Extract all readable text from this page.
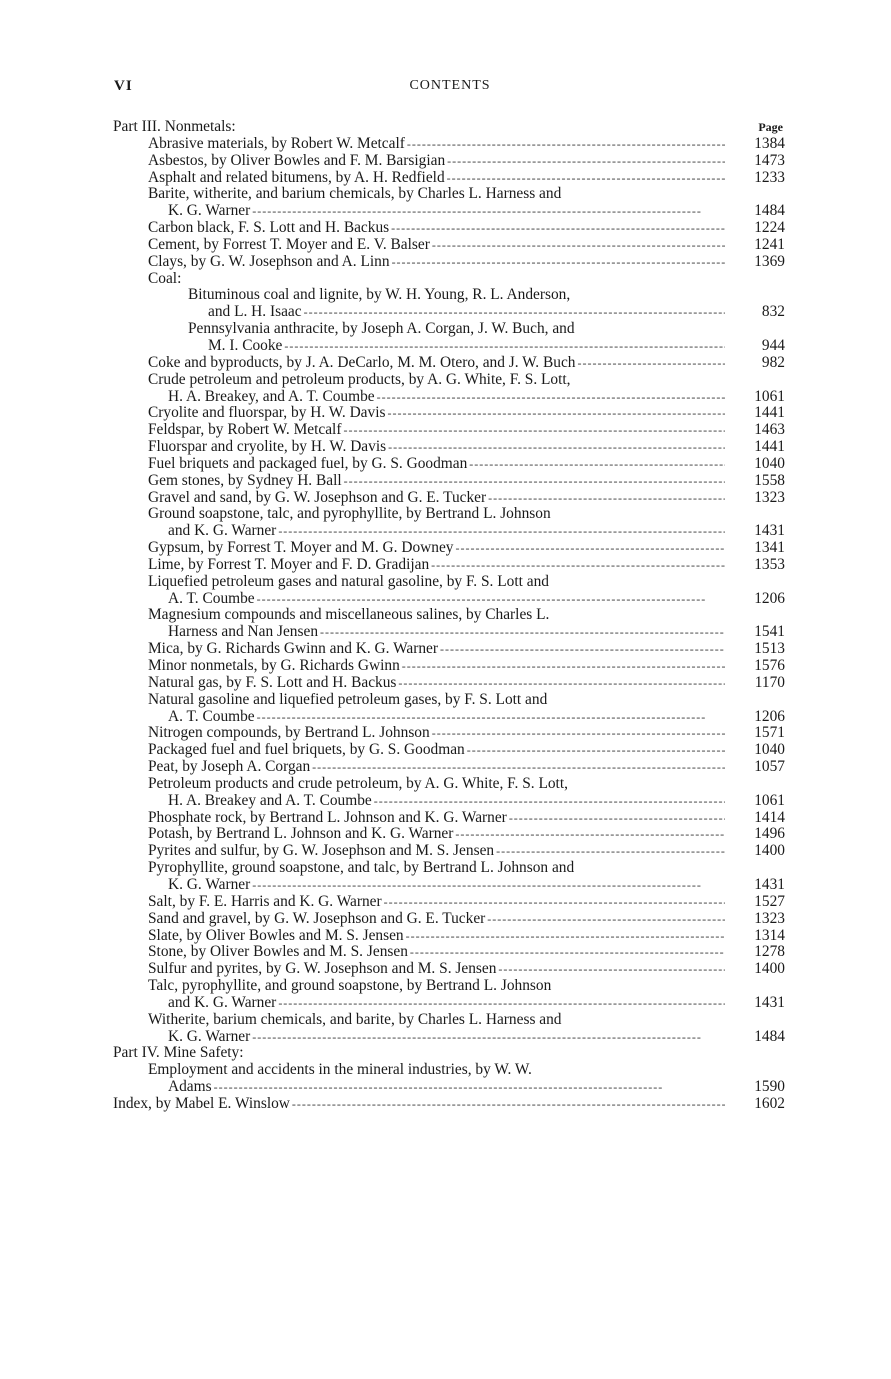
VI	CONTENTS
Part III. Nonmetals:	Page
Abrasive materials, by Robert W. Metcalf - - -	1384
Asbestos, by Oliver Bowles and F. M. Barsigian - - -	1473
Asphalt and related bitumens, by A. H. Redfield - - -	1233
Barite, witherite, and barium chemicals, by Charles L. Harness and
K. G. Warner - - -	1484
Carbon black, F. S. Lott and H. Backus - - -	1224
Cement, by Forrest T. Moyer and E. V. Balser - - -	1241
Clays, by G. W. Josephson and A. Linn - - -	1369
Coal:
Bituminous coal and lignite, by W. H. Young, R. L. Anderson,
and L. H. Isaac - - -	832
Pennsylvania anthracite, by Joseph A. Corgan, J. W. Buch, and
M. I. Cooke - - -	944
Coke and byproducts, by J. A. DeCarlo, M. M. Otero, and J. W. Buch - - -	982
Crude petroleum and petroleum products, by A. G. White, F. S. Lott,
H. A. Breakey, and A. T. Coumbe - - -	1061
Cryolite and fluorspar, by H. W. Davis - - -	1441
Feldspar, by Robert W. Metcalf - - -	1463
Fluorspar and cryolite, by H. W. Davis - - -	1441
Fuel briquets and packaged fuel, by G. S. Goodman - - -	1040
Gem stones, by Sydney H. Ball - - -	1558
Gravel and sand, by G. W. Josephson and G. E. Tucker - - -	1323
Ground soapstone, talc, and pyrophyllite, by Bertrand L. Johnson
and K. G. Warner - - -	1431
Gypsum, by Forrest T. Moyer and M. G. Downey - - -	1341
Lime, by Forrest T. Moyer and F. D. Gradijan - - -	1353
Liquefied petroleum gases and natural gasoline, by F. S. Lott and
A. T. Coumbe - - -	1206
Magnesium compounds and miscellaneous salines, by Charles L.
Harness and Nan Jensen - - -	1541
Mica, by G. Richards Gwinn and K. G. Warner - - -	1513
Minor nonmetals, by G. Richards Gwinn - - -	1576
Natural gas, by F. S. Lott and H. Backus - - -	1170
Natural gasoline and liquefied petroleum gases, by F. S. Lott and
A. T. Coumbe - - -	1206
Nitrogen compounds, by Bertrand L. Johnson - - -	1571
Packaged fuel and fuel briquets, by G. S. Goodman - - -	1040
Peat, by Joseph A. Corgan - - -	1057
Petroleum products and crude petroleum, by A. G. White, F. S. Lott,
H. A. Breakey and A. T. Coumbe - - -	1061
Phosphate rock, by Bertrand L. Johnson and K. G. Warner - - -	1414
Potash, by Bertrand L. Johnson and K. G. Warner - - -	1496
Pyrites and sulfur, by G. W. Josephson and M. S. Jensen - - -	1400
Pyrophyllite, ground soapstone, and talc, by Bertrand L. Johnson and
K. G. Warner - - -	1431
Salt, by F. E. Harris and K. G. Warner - - -	1527
Sand and gravel, by G. W. Josephson and G. E. Tucker - - -	1323
Slate, by Oliver Bowles and M. S. Jensen - - -	1314
Stone, by Oliver Bowles and M. S. Jensen - - -	1278
Sulfur and pyrites, by G. W. Josephson and M. S. Jensen - - -	1400
Talc, pyrophyllite, and ground soapstone, by Bertrand L. Johnson
and K. G. Warner - - -	1431
Witherite, barium chemicals, and barite, by Charles L. Harness and
K. G. Warner - - -	1484
Part IV. Mine Safety:
Employment and accidents in the mineral industries, by W. W.
Adams - - -	1590
Index, by Mabel E. Winslow - - -	1602
